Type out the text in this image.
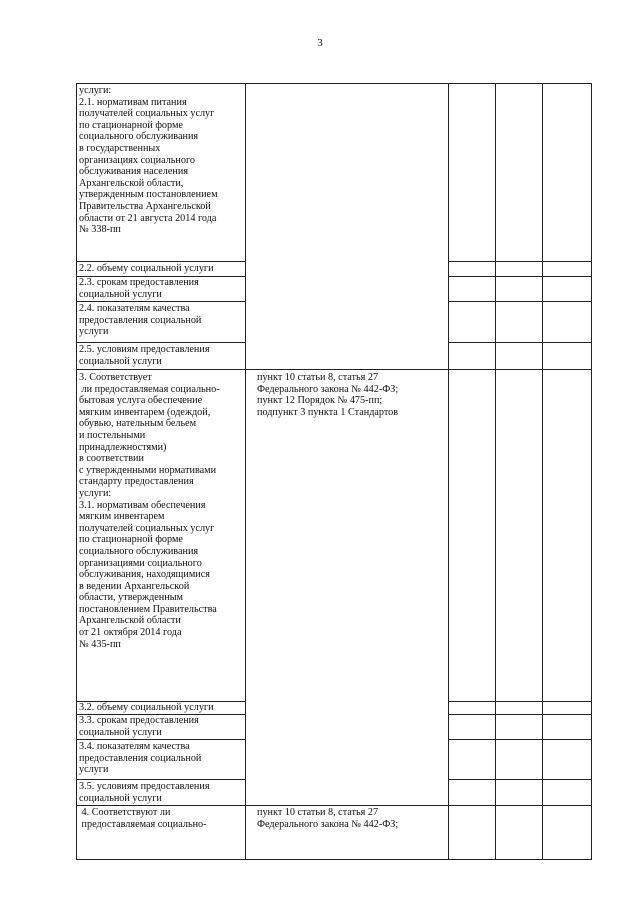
3
услуги:
2.1. нормативам питания
получателей социальных услуг
по стационарной форме
социального обслуживания
в государственных
организациях социального
обслуживания населения
Архангельской области,
утвержденным постановлением
Правительства Архангельской
области от 21 августа 2014 года
№ 338-пп
2.2. объему социальной услуги
2.3. срокам предоставления
социальной услуги
2.4. показателям качества
предоставления социальной
услуги
2.5. условиям предоставления
социальной услуги
3. Соответствует
ли предоставляемая социально-
бытовая услуга обеспечение
мягким инвентарем (одеждой,
обувью, нательным бельем
и постельными
принадлежностями)
в соответствии
с утвержденными нормативами
стандарту предоставления
услуги:
3.1. нормативам обеспечения
мягким инвентарем
получателей социальных услуг
по стационарной форме
социального обслуживания
организациями социального
обслуживания, находящимися
в ведении Архангельской
области, утвержденным
постановлением Правительства
Архангельской области
от 21 октября 2014 года
№ 435-пп
3.2. объему социальной услуги
3.3. срокам предоставления
социальной услуги
3.4. показателям качества
предоставления социальной
услуги
3.5. условиям предоставления
социальной услуги
4. Соответствуют ли
предоставляемая социально-
пункт 10 статьи 8, статья 27
Федерального закона № 442-ФЗ;
пункт 12 Порядок № 475-пп;
подпункт 3 пункта 1 Стандартов
пункт 10 статьи 8, статья 27
Федерального закона № 442-ФЗ;
